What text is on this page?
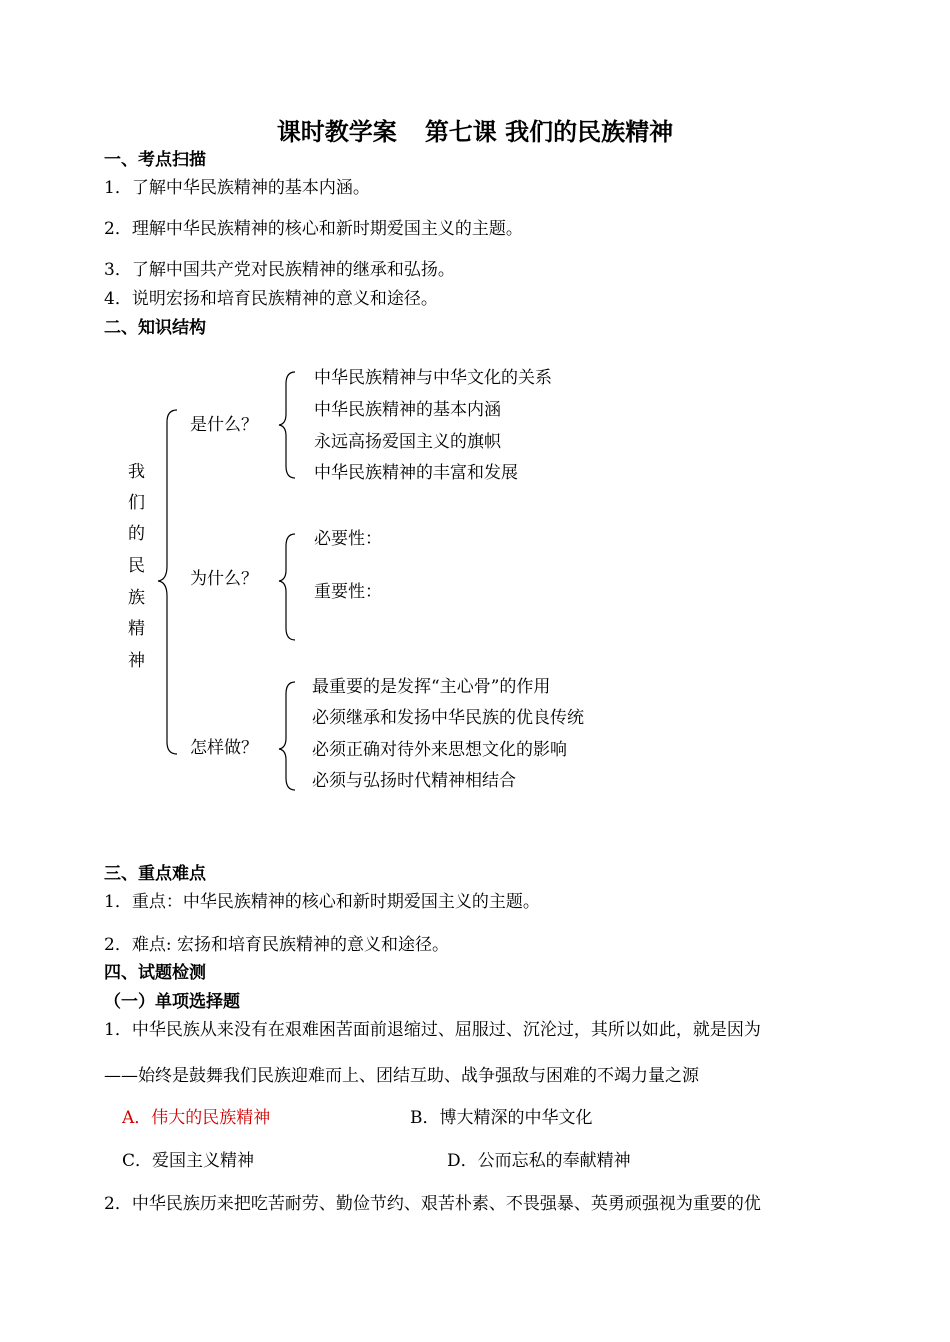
课时教学案 第七课 我们的民族精神
一、考点扫描
1．了解中华民族精神的基本内涵。
2．理解中华民族精神的核心和新时期爱国主义的主题。
3．了解中国共产党对民族精神的继承和弘扬。
4．说明宏扬和培育民族精神的意义和途径。
二、知识结构
我
们
的
民
族
精
神
是什么？
为什么？
怎样做？
中华民族精神与中华文化的关系
中华民族精神的基本内涵
永远高扬爱国主义的旗帜
中华民族精神的丰富和发展
必要性：
重要性：
最重要的是发挥“主心骨”的作用
必须继承和发扬中华民族的优良传统
必须正确对待外来思想文化的影响
必须与弘扬时代精神相结合
三、重点难点
1．重点：中华民族精神的核心和新时期爱国主义的主题。
2．难点: 宏扬和培育民族精神的意义和途径。
四、试题检测
（一）单项选择题
1．中华民族从来没有在艰难困苦面前退缩过、屈服过、沉沦过，其所以如此，就是因为
——始终是鼓舞我们民族迎难而上、团结互助、战争强敌与困难的不竭力量之源
A．伟大的民族精神	B．博大精深的中华文化
C．爱国主义精神	D．公而忘私的奉献精神
2．中华民族历来把吃苦耐劳、勤俭节约、艰苦朴素、不畏强暴、英勇顽强视为重要的优
